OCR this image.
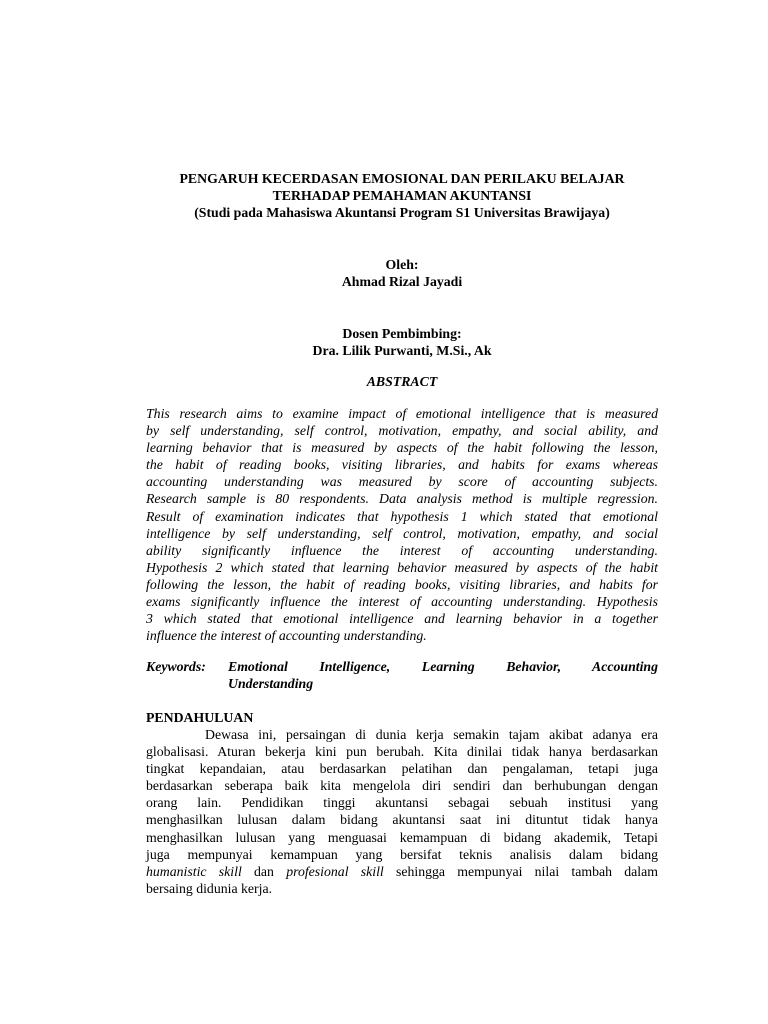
PENGARUH KECERDASAN EMOSIONAL DAN PERILAKU BELAJAR
TERHADAP PEMAHAMAN AKUNTANSI
(Studi pada Mahasiswa Akuntansi Program S1 Universitas Brawijaya)
Oleh:
Ahmad Rizal Jayadi
Dosen Pembimbing:
Dra. Lilik Purwanti, M.Si., Ak
ABSTRACT
This research aims to examine impact of emotional intelligence that is measured
by self understanding, self control, motivation, empathy, and social ability, and
learning behavior that is measured by aspects of the habit following the lesson,
the habit of reading books, visiting libraries, and habits for exams whereas
accounting understanding was measured by score of accounting subjects.
Research sample is 80 respondents. Data analysis method is multiple regression.
Result of examination indicates that hypothesis 1 which stated that emotional
intelligence by self understanding, self control, motivation, empathy, and social
ability significantly influence the interest of accounting understanding.
Hypothesis 2 which stated that learning behavior measured by aspects of the habit
following the lesson, the habit of reading books, visiting libraries, and habits for
exams significantly influence the interest of accounting understanding. Hypothesis
3 which stated that emotional intelligence and learning behavior in a together
influence the interest of accounting understanding.
Keywords:	Emotional Intelligence, Learning Behavior, Accounting
Understanding
PENDAHULUAN
Dewasa ini, persaingan di dunia kerja semakin tajam akibat adanya era
globalisasi. Aturan bekerja kini pun berubah. Kita dinilai tidak hanya berdasarkan
tingkat kepandaian, atau berdasarkan pelatihan dan pengalaman, tetapi juga
berdasarkan seberapa baik kita mengelola diri sendiri dan berhubungan dengan
orang lain. Pendidikan tinggi akuntansi sebagai sebuah institusi yang
menghasilkan lulusan dalam bidang akuntansi saat ini dituntut tidak hanya
menghasilkan lulusan yang menguasai kemampuan di bidang akademik, Tetapi
juga mempunyai kemampuan yang bersifat teknis analisis dalam bidang
humanistic skill dan profesional skill sehingga mempunyai nilai tambah dalam
bersaing didunia kerja.
